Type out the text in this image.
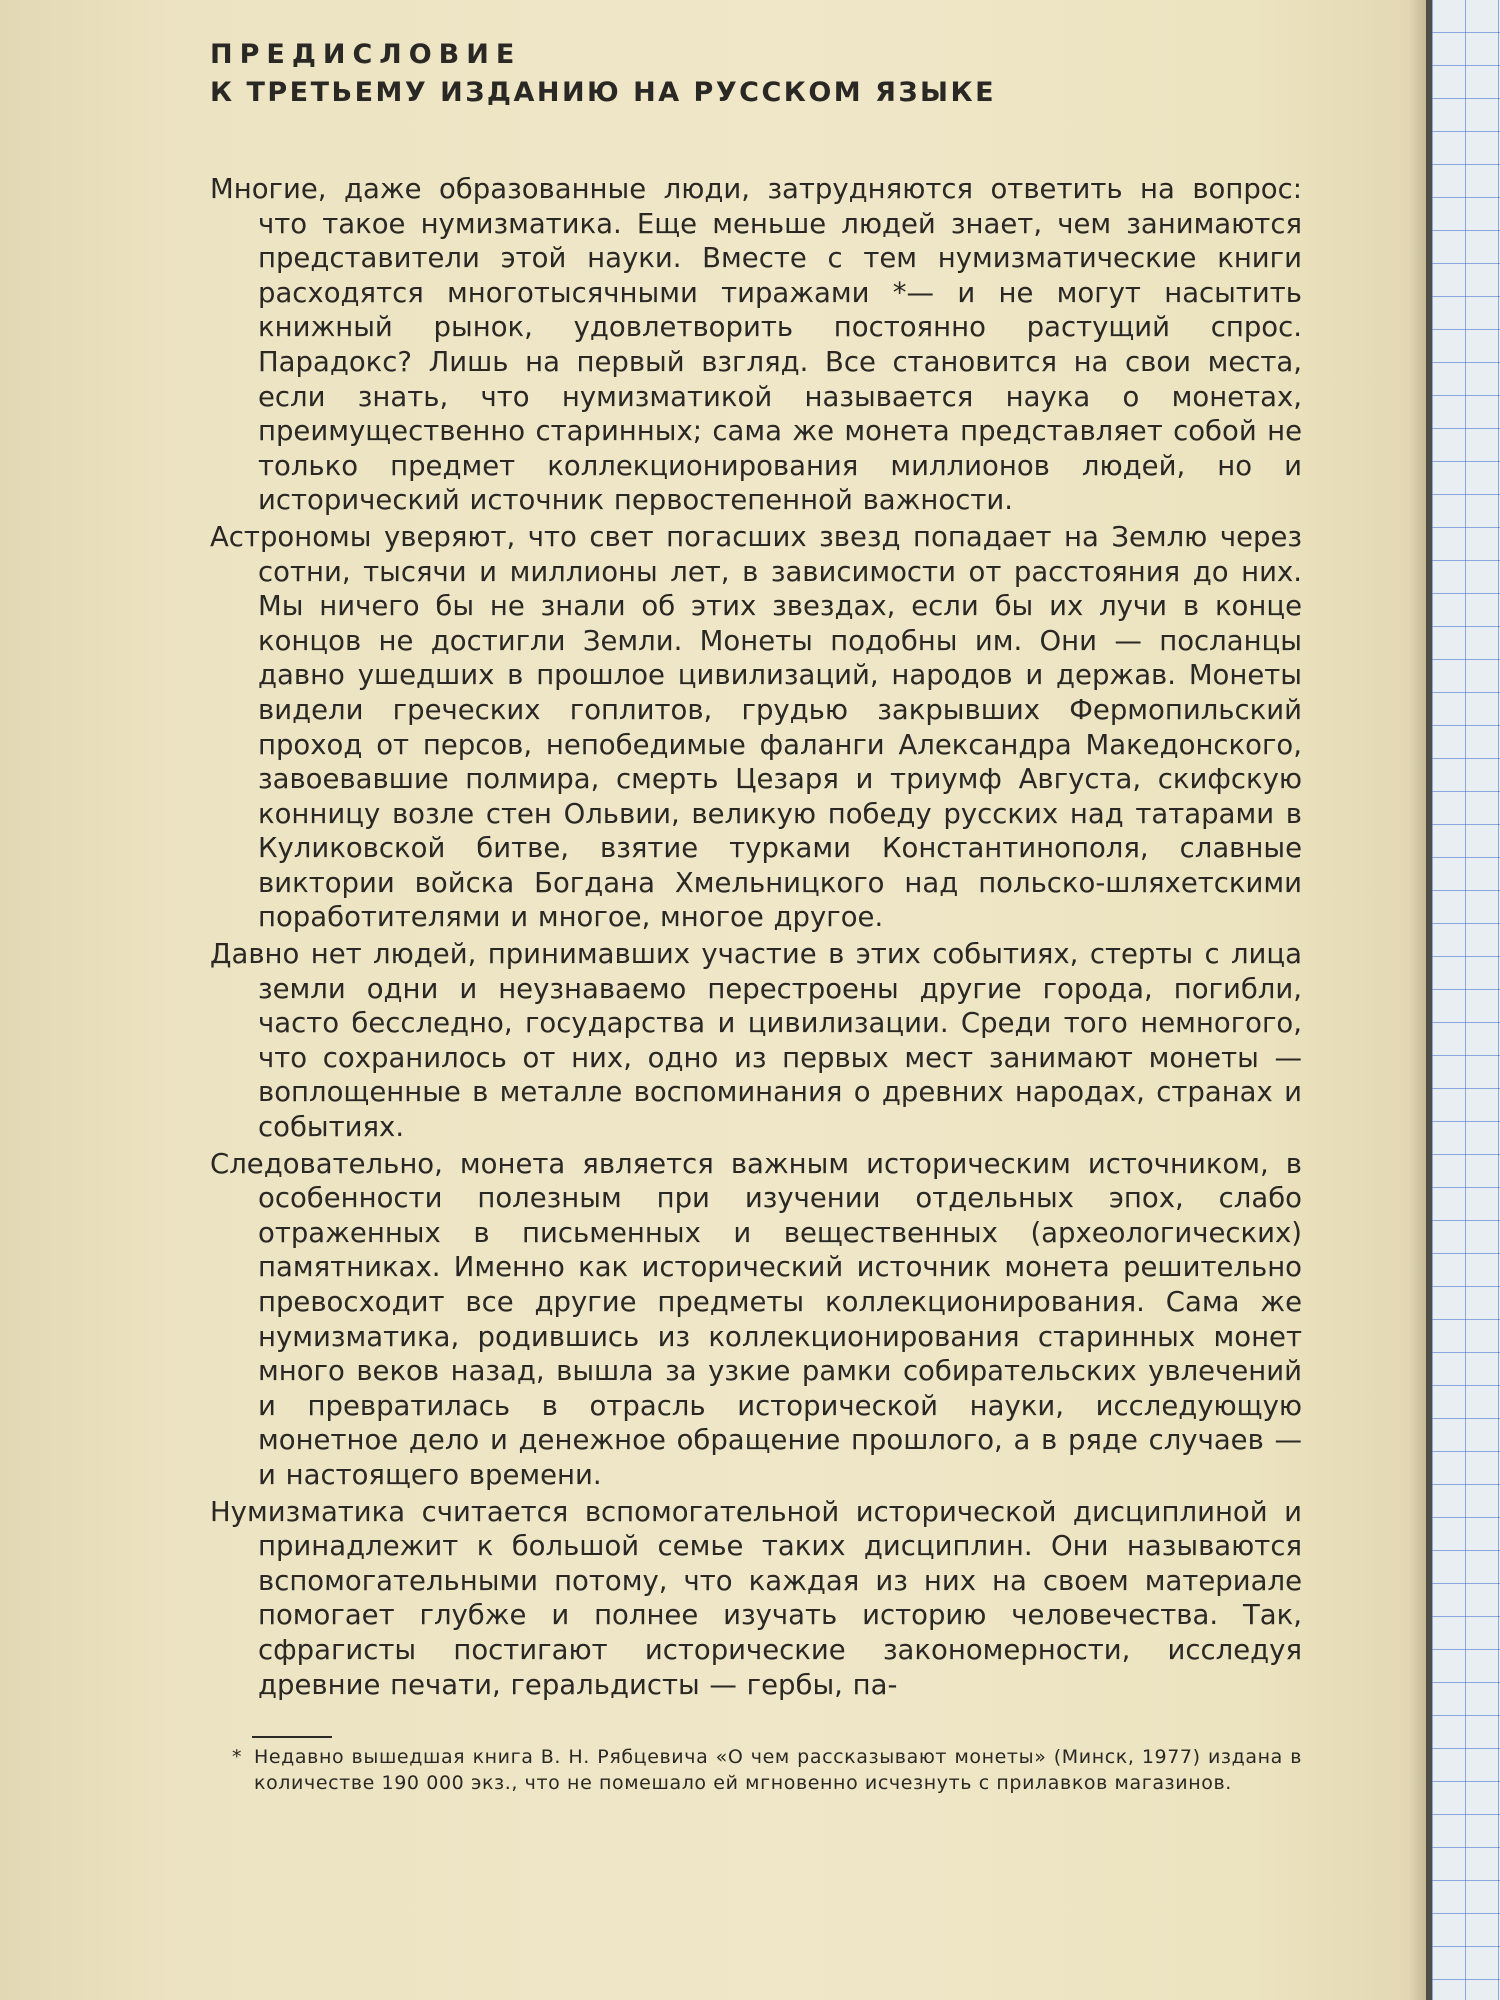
ПРЕДИСЛОВИЕ
К ТРЕТЬЕМУ ИЗДАНИЮ НА РУССКОМ ЯЗЫКЕ

Многие, даже образованные люди, затрудняются ответить на вопрос: что такое нумизматика. Еще меньше людей знает, чем занимаются представители этой науки. Вместе с тем нумизматические книги расходятся многотысячными тиражами *— и не могут насытить книжный рынок, удовлетворить постоянно растущий спрос. Парадокс? Лишь на первый взгляд. Все становится на свои места, если знать, что нумизматикой называется наука о монетах, преимущественно старинных; сама же монета представляет собой не только предмет коллекционирования миллионов людей, но и исторический источник первостепенной важности.

Астрономы уверяют, что свет погасших звезд попадает на Землю через сотни, тысячи и миллионы лет, в зависимости от расстояния до них. Мы ничего бы не знали об этих звездах, если бы их лучи в конце концов не достигли Земли. Монеты подобны им. Они — посланцы давно ушедших в прошлое цивилизаций, народов и держав. Монеты видели греческих гоплитов, грудью закрывших Фермопильский проход от персов, непобедимые фаланги Александра Македонского, завоевавшие полмира, смерть Цезаря и триумф Августа, скифскую конницу возле стен Ольвии, великую победу русских над татарами в Куликовской битве, взятие турками Константинополя, славные виктории войска Богдана Хмельницкого над польско-шляхетскими поработителями и многое, многое другое.

Давно нет людей, принимавших участие в этих событиях, стерты с лица земли одни и неузнаваемо перестроены другие города, погибли, часто бесследно, государства и цивилизации. Среди того немногого, что сохранилось от них, одно из первых мест занимают монеты — воплощенные в металле воспоминания о древних народах, странах и событиях.

Следовательно, монета является важным историческим источником, в особенности полезным при изучении отдельных эпох, слабо отраженных в письменных и вещественных (археологических) памятниках. Именно как исторический источник монета решительно превосходит все другие предметы коллекционирования. Сама же нумизматика, родившись из коллекционирования старинных монет много веков назад, вышла за узкие рамки собирательских увлечений и превратилась в отрасль исторической науки, исследующую монетное дело и денежное обращение прошлого, а в ряде случаев — и настоящего времени.

Нумизматика считается вспомогательной исторической дисциплиной и принадлежит к большой семье таких дисциплин. Они называются вспомогательными потому, что каждая из них на своем материале помогает глубже и полнее изучать историю человечества. Так, сфрагисты постигают исторические закономерности, исследуя древние печати, геральдисты — гербы, па-

* Недавно вышедшая книга В. Н. Рябцевича «О чем рассказывают монеты» (Минск, 1977) издана в количестве 190 000 экз., что не помешало ей мгновенно исчезнуть с прилавков магазинов.
